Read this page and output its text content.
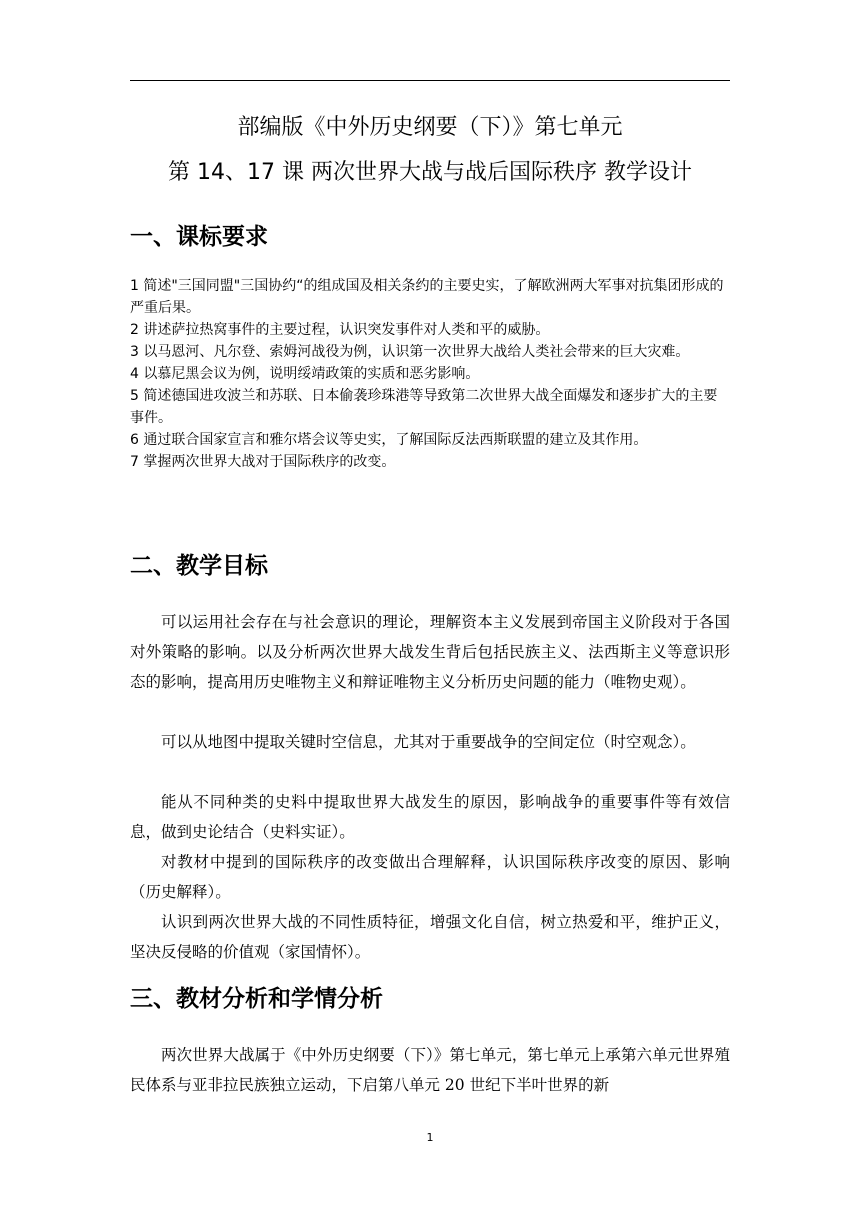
部编版《中外历史纲要（下）》第七单元
第 14、17 课 两次世界大战与战后国际秩序 教学设计
一、课标要求

1 简述"三国同盟"三国协约“的组成国及相关条约的主要史实，了解欧洲两大军事对抗集团形成的严重后果。

2 讲述萨拉热窝事件的主要过程，认识突发事件对人类和平的威胁。

3 以马恩河、凡尔登、索姆河战役为例，认识第一次世界大战给人类社会带来的巨大灾难。

4 以慕尼黑会议为例，说明绥靖政策的实质和恶劣影响。

5 简述德国进攻波兰和苏联、日本偷袭珍珠港等导致第二次世界大战全面爆发和逐步扩大的主要事件。

6 通过联合国家宣言和雅尔塔会议等史实，了解国际反法西斯联盟的建立及其作用。

7 掌握两次世界大战对于国际秩序的改变。

二、教学目标

可以运用社会存在与社会意识的理论，理解资本主义发展到帝国主义阶段对于各国对外策略的影响。以及分析两次世界大战发生背后包括民族主义、法西斯主义等意识形态的影响，提高用历史唯物主义和辩证唯物主义分析历史问题的能力（唯物史观）。

可以从地图中提取关键时空信息，尤其对于重要战争的空间定位（时空观念）。

能从不同种类的史料中提取世界大战发生的原因，影响战争的重要事件等有效信息，做到史论结合（史料实证）。

对教材中提到的国际秩序的改变做出合理解释，认识国际秩序改变的原因、影响（历史解释）。

认识到两次世界大战的不同性质特征，增强文化自信，树立热爱和平，维护正义，坚决反侵略的价值观（家国情怀）。

三、教材分析和学情分析

两次世界大战属于《中外历史纲要（下）》第七单元，第七单元上承第六单元世界殖民体系与亚非拉民族独立运动，下启第八单元 20 世纪下半叶世界的新

1
